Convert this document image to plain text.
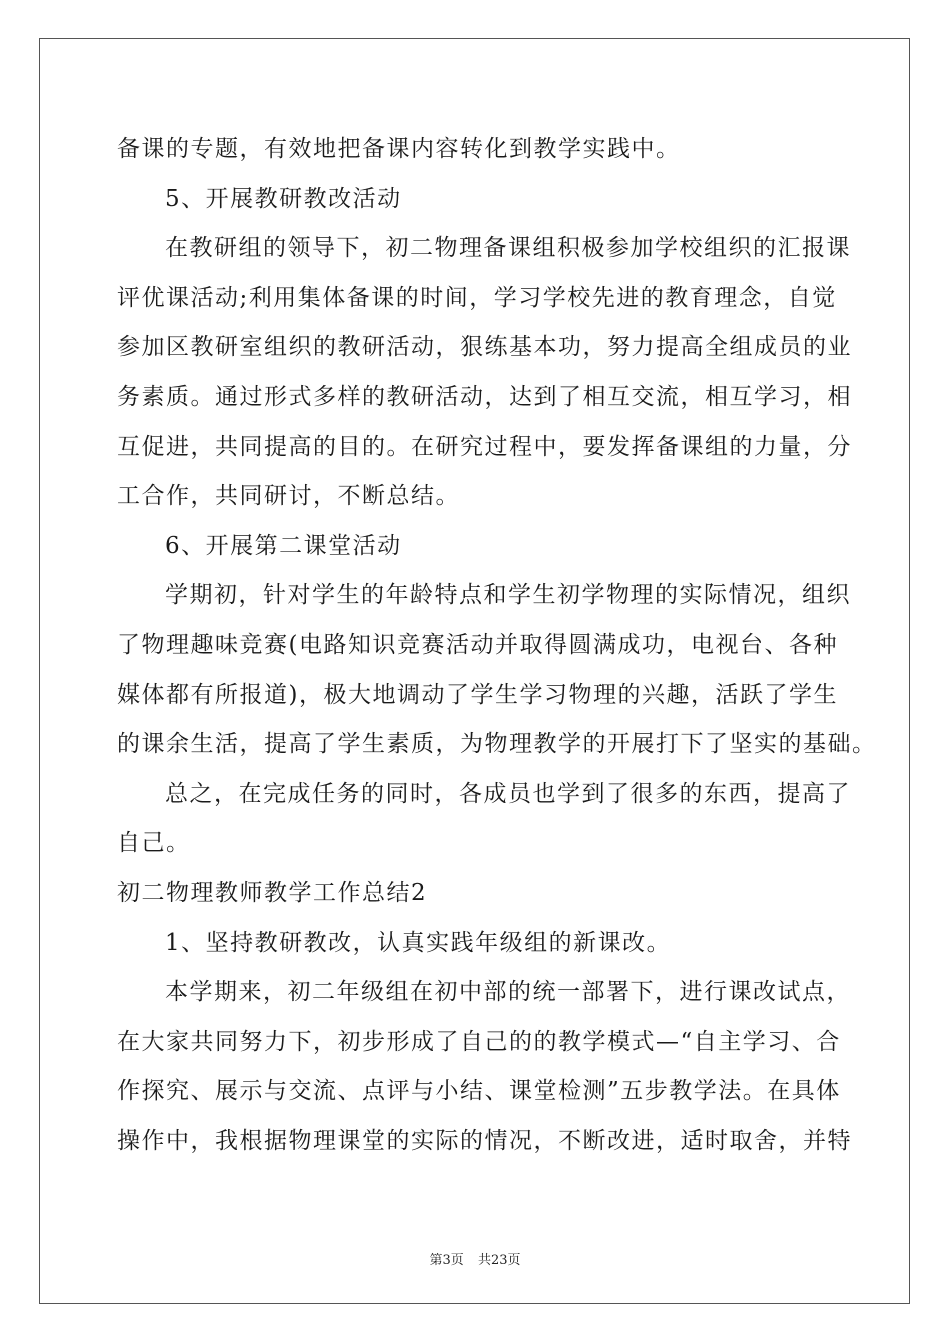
备课的专题，有效地把备课内容转化到教学实践中。
5、开展教研教改活动
在教研组的领导下，初二物理备课组积极参加学校组织的汇报课
评优课活动;利用集体备课的时间，学习学校先进的教育理念，自觉
参加区教研室组织的教研活动，狠练基本功，努力提高全组成员的业
务素质。通过形式多样的教研活动，达到了相互交流，相互学习，相
互促进，共同提高的目的。在研究过程中，要发挥备课组的力量，分
工合作，共同研讨，不断总结。
6、开展第二课堂活动
学期初，针对学生的年龄特点和学生初学物理的实际情况，组织
了物理趣味竞赛(电路知识竞赛活动并取得圆满成功，电视台、各种
媒体都有所报道)，极大地调动了学生学习物理的兴趣，活跃了学生
的课余生活，提高了学生素质，为物理教学的开展打下了坚实的基础。
总之，在完成任务的同时，各成员也学到了很多的东西，提高了
自己。
初二物理教师教学工作总结2
1、坚持教研教改，认真实践年级组的新课改。
本学期来，初二年级组在初中部的统一部署下，进行课改试点，
在大家共同努力下，初步形成了自己的的教学模式—“自主学习、合
作探究、展示与交流、点评与小结、课堂检测”五步教学法。在具体
操作中，我根据物理课堂的实际的情况，不断改进，适时取舍，并特
第3页 共23页
